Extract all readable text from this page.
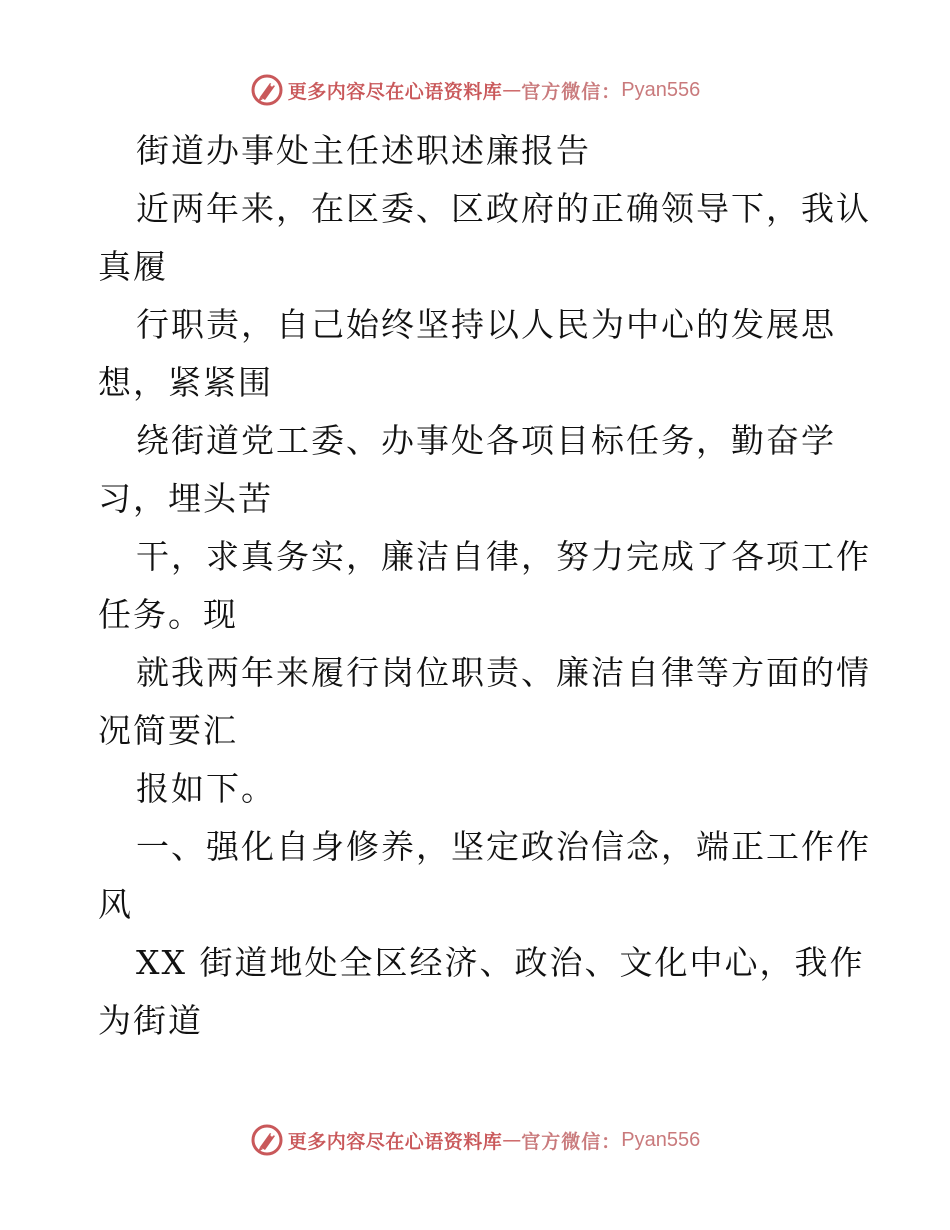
更多内容尽在心语资料库 — 官方微信： Pyan556
街道办事处主任述职述廉报告
近两年来，在区委、区政府的正确领导下，我认
真履
行职责，自己始终坚持以人民为中心的发展思
想，紧紧围
绕街道党工委、办事处各项目标任务，勤奋学
习，埋头苦
干，求真务实，廉洁自律，努力完成了各项工作
任务。现
就我两年来履行岗位职责、廉洁自律等方面的情
况简要汇
报如下。
一、强化自身修养，坚定政治信念，端正工作作
风
XX 街道地处全区经济、政治、文化中心，我作
为街道
更多内容尽在心语资料库 — 官方微信： Pyan556
